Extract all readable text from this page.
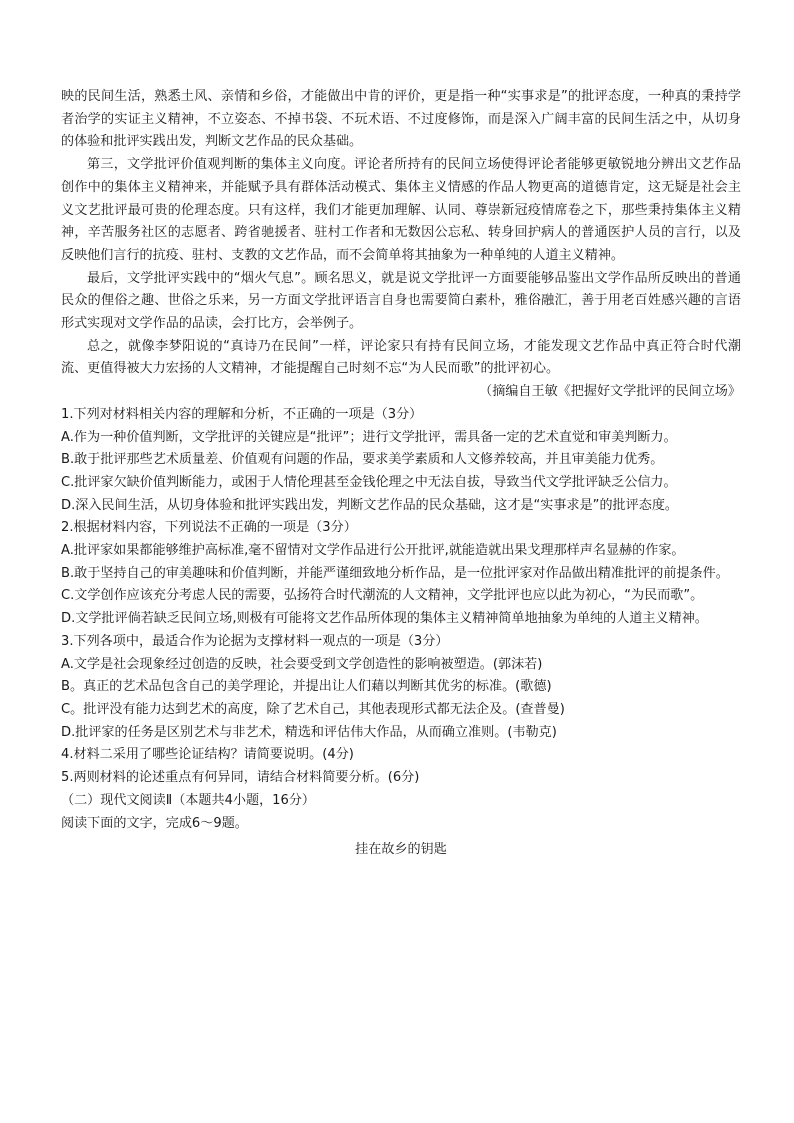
映的民间生活，熟悉土风、亲情和乡俗，才能做出中肯的评价，更是指一种“实事求是”的批评态度，一种真的秉持学者治学的实证主义精神，不立姿态、不掉书袋、不玩术语、不过度修饰，而是深入广阔丰富的民间生活之中，从切身的体验和批评实践出发，判断文艺作品的民众基础。

第三，文学批评价值观判断的集体主义向度。评论者所持有的民间立场使得评论者能够更敏锐地分辨出文艺作品创作中的集体主义精神来，并能赋予具有群体活动模式、集体主义情感的作品人物更高的道德肯定，这无疑是社会主义文艺批评最可贵的伦理态度。只有这样，我们才能更加理解、认同、尊崇新冠疫情席卷之下，那些秉持集体主义精神，辛苦服务社区的志愿者、跨省驰援者、驻村工作者和无数因公忘私、转身回护病人的普通医护人员的言行，以及反映他们言行的抗疫、驻村、支教的文艺作品，而不会简单将其抽象为一种单纯的人道主义精神。

最后，文学批评实践中的“烟火气息”。顾名思义，就是说文学批评一方面要能够品鉴出文学作品所反映出的普通民众的俚俗之趣、世俗之乐来，另一方面文学批评语言自身也需要简白素朴，雅俗融汇，善于用老百姓感兴趣的言语形式实现对文学作品的品读，会打比方，会举例子。

总之，就像李梦阳说的“真诗乃在民间”一样，评论家只有持有民间立场，才能发现文艺作品中真正符合时代潮流、更值得被大力宏扬的人文精神，才能提醒自己时刻不忘“为人民而歌”的批评初心。

（摘编自王敏《把握好文学批评的民间立场》

1.下列对材料相关内容的理解和分析，不正确的一项是（3分）

A.作为一种价值判断，文学批评的关键应是“批评”；进行文学批评，需具备一定的艺术直觉和审美判断力。

B.敢于批评那些艺术质量差、价值观有问题的作品，要求美学素质和人文修养较高，并且审美能力优秀。

C.批评家欠缺价值判断能力，或困于人情伦理甚至金钱伦理之中无法自拔，导致当代文学批评缺乏公信力。

D.深入民间生活，从切身体验和批评实践出发，判断文艺作品的民众基础，这才是“实事求是”的批评态度。

2.根据材料内容，下列说法不正确的一项是（3分）

A.批评家如果都能够维护高标准,毫不留情对文学作品进行公开批评,就能造就出果戈理那样声名显赫的作家。

B.敢于坚持自己的审美趣味和价值判断，并能严谨细致地分析作品，是一位批评家对作品做出精准批评的前提条件。

C.文学创作应该充分考虑人民的需要，弘扬符合时代潮流的人文精神，文学批评也应以此为初心，“为民而歌”。

D.文学批评倘若缺乏民间立场,则极有可能将文艺作品所体现的集体主义精神简单地抽象为单纯的人道主义精神。

3.下列各项中，最适合作为论据为支撑材料一观点的一项是（3分）

A.文学是社会现象经过创造的反映，社会要受到文学创造性的影响被塑造。(郭沫若)

B。真正的艺术品包含自己的美学理论，并提出让人们藉以判断其优劣的标准。(歌德)

C。批评没有能力达到艺术的高度，除了艺术自己，其他表现形式都无法企及。(查普曼)

D.批评家的任务是区别艺术与非艺术，精选和评估伟大作品，从而确立准则。(韦勒克)

4.材料二采用了哪些论证结构？请简要说明。(4分)

5.两则材料的论述重点有何异同，请结合材料简要分析。(6分)

（二）现代文阅读Ⅱ（本题共4小题，16分）

阅读下面的文字，完成6～9题。

挂在故乡的钥匙
